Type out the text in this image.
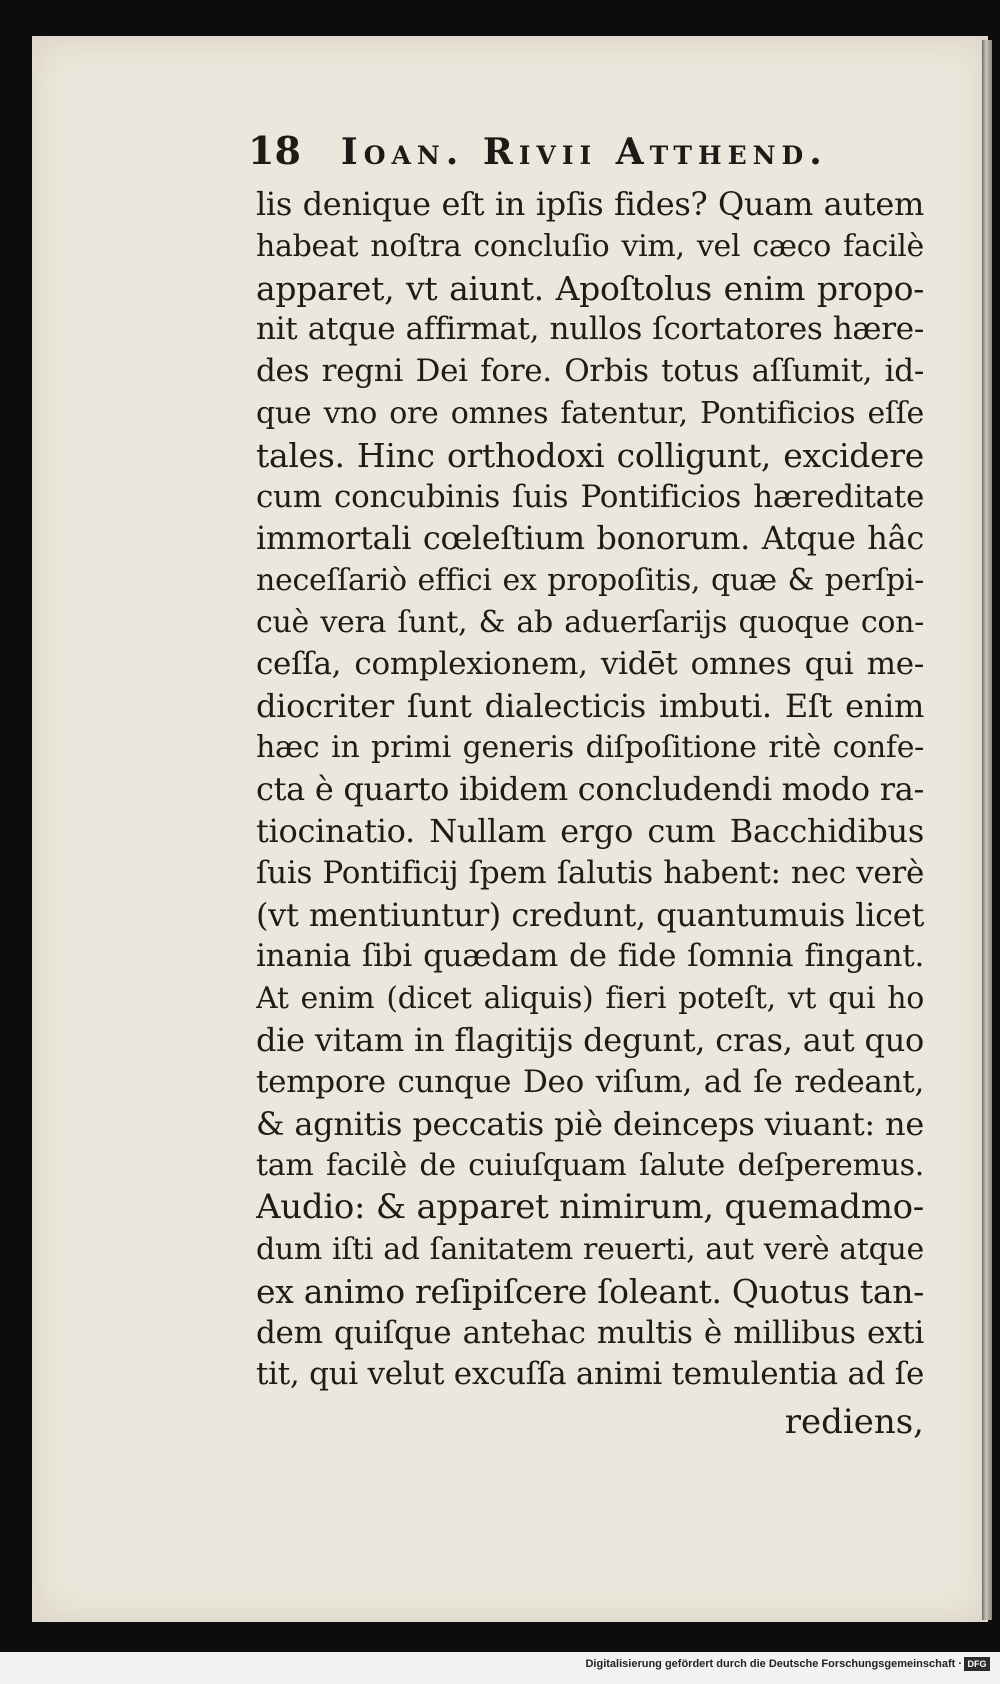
18 Ioan. Rivii Atthend.
lis denique eſt in ipſis fides? Quam autem
habeat noſtra concluſio vim, vel cæco facilè
apparet, vt aiunt. Apoſtolus enim propo-
nit atque affirmat, nullos ſcortatores hære-
des regni Dei fore. Orbis totus aſſumit, id-
que vno ore omnes fatentur, Pontificios eſſe
tales. Hinc orthodoxi colligunt, excidere
cum concubinis ſuis Pontificios hæreditate
immortali cœleſtium bonorum. Atque hâc
neceſſariò effici ex propoſitis, quæ & perſpi-
cuè vera ſunt, & ab aduerſarijs quoque con-
ceſſa, complexionem, vidēt omnes qui me-
diocriter ſunt dialecticis imbuti. Eſt enim
hæc in primi generis diſpoſitione ritè confe-
cta è quarto ibidem concludendi modo ra-
tiocinatio. Nullam ergo cum Bacchidibus
ſuis Pontificij ſpem ſalutis habent: nec verè
(vt mentiuntur) credunt, quantumuis licet
inania ſibi quædam de fide ſomnia fingant.
At enim (dicet aliquis) fieri poteſt, vt qui ho
die vitam in flagitijs degunt, cras, aut quo
tempore cunque Deo viſum, ad ſe redeant,
& agnitis peccatis piè deinceps viuant: ne
tam facilè de cuiuſquam ſalute deſperemus.
Audio: & apparet nimirum, quemadmo-
dum iſti ad ſanitatem reuerti, aut verè atque
ex animo reſipiſcere ſoleant. Quotus tan-
dem quiſque antehac multis è millibus exti
tit, qui velut excuſſa animi temulentia ad ſe
rediens,
Digitalisierung gefördert durch die Deutsche Forschungsgemeinschaft · DFG
